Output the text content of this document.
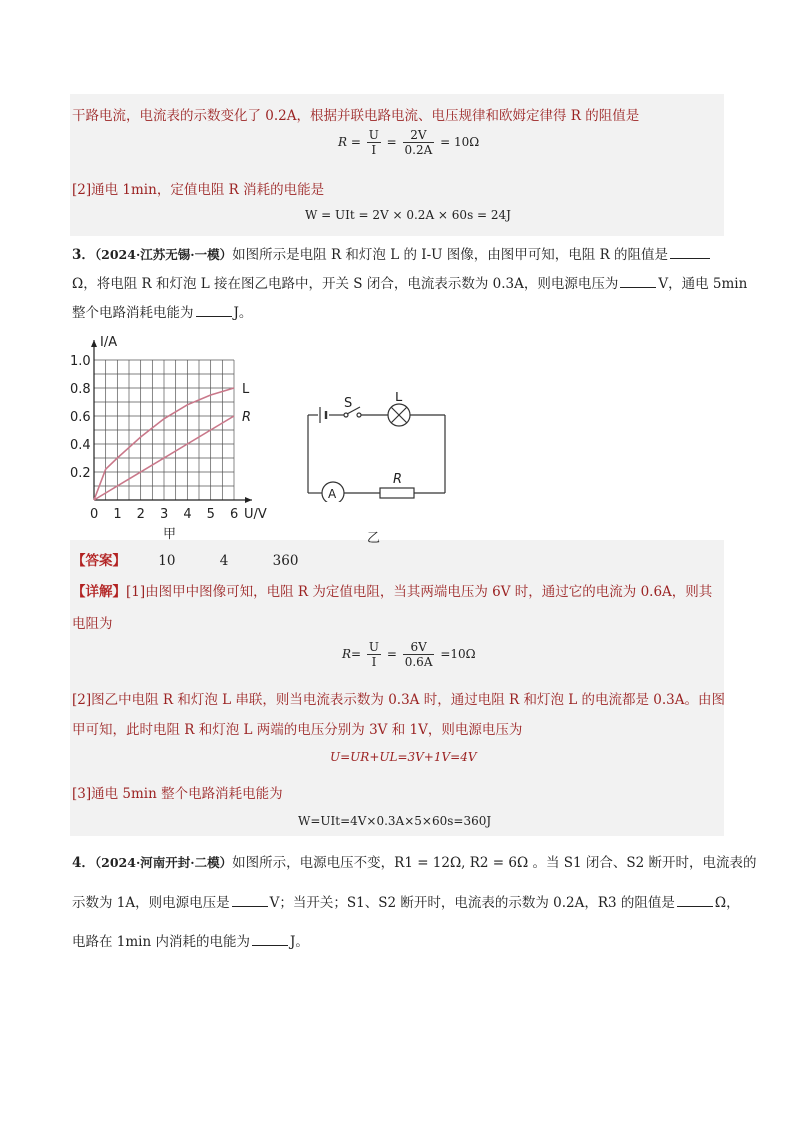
干路电流，电流表的示数变化了 0.2A，根据并联电路电流、电压规律和欧姆定律得 R 的阻值是
$R = \frac{U}{I} = \frac{2V}{0.2A} = 10\Omega$
[2]通电 1min，定值电阻 R 消耗的电能是
W = UIt = 2V × 0.2A × 60s = 24J
3．（2024·江苏无锡·一模）如图所示是电阻 R 和灯泡 L 的 I-U 图像，由图甲可知，电阻 R 的阻值是
Ω，将电阻 R 和灯泡 L 接在图乙电路中，开关 S 闭合，电流表示数为 0.3A，则电源电压为	V，通电 5min
整个电路消耗电能为	J。
0 1 2 3 4 5 6
0.2
0.4
0.6
0.8
1.0
U/V
I/A
L
R
甲
S	L
A
R
乙
【答案】 10	4	360
【详解】[1]由图甲中图像可知，电阻 R 为定值电阻，当其两端电压为 6V 时，通过它的电流为 0.6A，则其
电阻为
$R= \frac{U}{I} = \frac{6V}{0.6A} =10\Omega$
[2]图乙中电阻 R 和灯泡 L 串联，则当电流表示数为 0.3A 时，通过电阻 R 和灯泡 L 的电流都是 0.3A。由图
甲可知，此时电阻 R 和灯泡 L 两端的电压分别为 3V 和 1V，则电源电压为
U=UR+UL=3V+1V=4V
[3]通电 5min 整个电路消耗电能为
W=UIt=4V×0.3A×5×60s=360J
4．（2024·河南开封·二模）如图所示，电源电压不变，R1 = 12Ω, R2 = 6Ω 。当 S1 闭合、S2 断开时，电流表的
示数为 1A，则电源电压是	V；当开关；S1、S2 断开时，电流表的示数为 0.2A，R3 的阻值是	Ω，
电路在 1min 内消耗的电能为	J。
